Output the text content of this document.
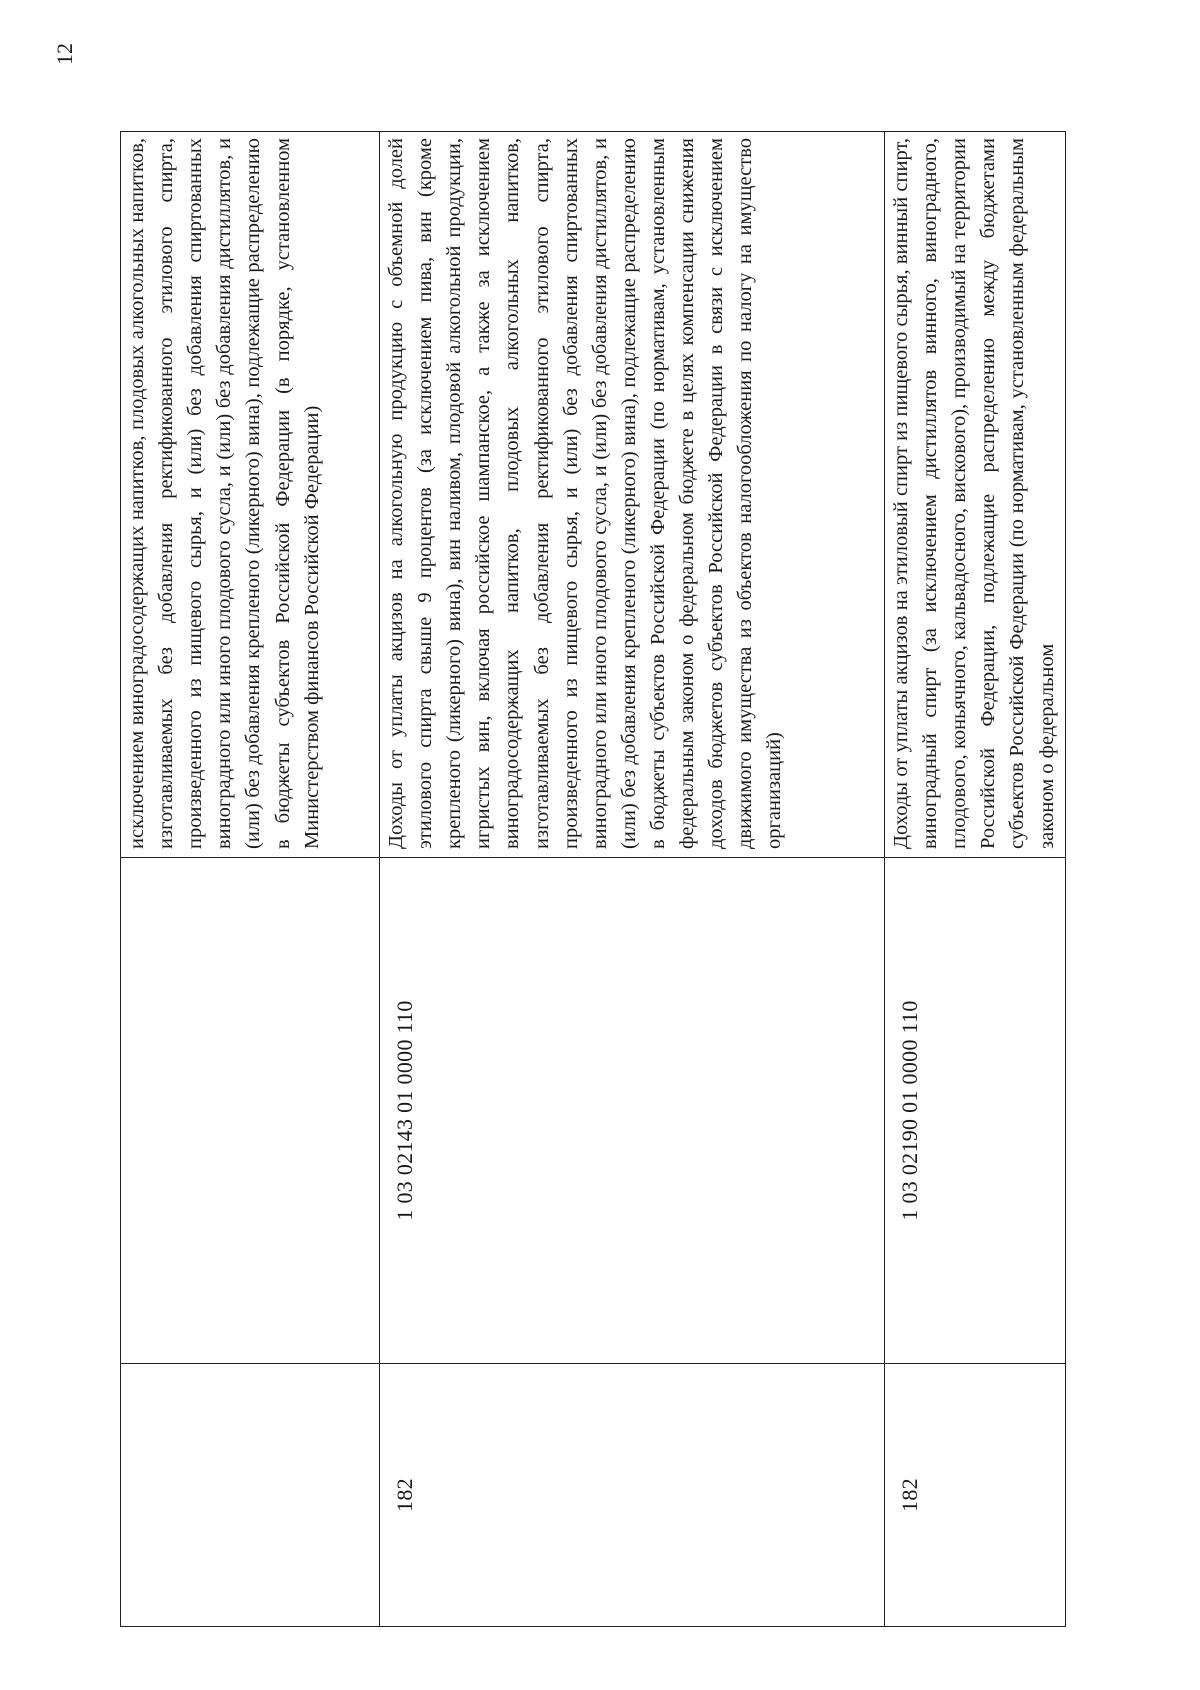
12
		исключением виноградосодержащих напитков, плодовых алкогольных напитков, изготавливаемых без добавления ректификованного этилового спирта, произведенного из пищевого сырья, и (или) без добавления спиртованных виноградного или иного плодового сусла, и (или) без добавления дистиллятов, и (или) без добавления крепленого (ликерного) вина), подлежащие распределению в бюджеты субъектов Российской Федерации (в порядке, установленном Министерством финансов Российской Федерации)
182	1 03 02143 01 0000 110	Доходы от уплаты акцизов на алкогольную продукцию с объемной долей этилового спирта свыше 9 процентов (за исключением пива, вин (кроме крепленого (ликерного) вина), вин наливом, плодовой алкогольной продукции, игристых вин, включая российское шампанское, а также за исключением виноградосодержащих напитков, плодовых алкогольных напитков, изготавливаемых без добавления ректификованного этилового спирта, произведенного из пищевого сырья, и (или) без добавления спиртованных виноградного или иного плодового сусла, и (или) без добавления дистиллятов, и (или) без добавления крепленого (ликерного) вина), подлежащие распределению в бюджеты субъектов Российской Федерации (по нормативам, установленным федеральным законом о федеральном бюджете в целях компенсации снижения доходов бюджетов субъектов Российской Федерации в связи с исключением движимого имущества из объектов налогообложения по налогу на имущество организаций)
182	1 03 02190 01 0000 110	Доходы от уплаты акцизов на этиловый спирт из пищевого сырья, винный спирт, виноградный спирт (за исключением дистиллятов винного, виноградного, плодового, коньячного, кальвадосного, вискового), производимый на территории Российской Федерации, подлежащие распределению между бюджетами субъектов Российской Федерации (по нормативам, установленным федеральным законом о федеральном
